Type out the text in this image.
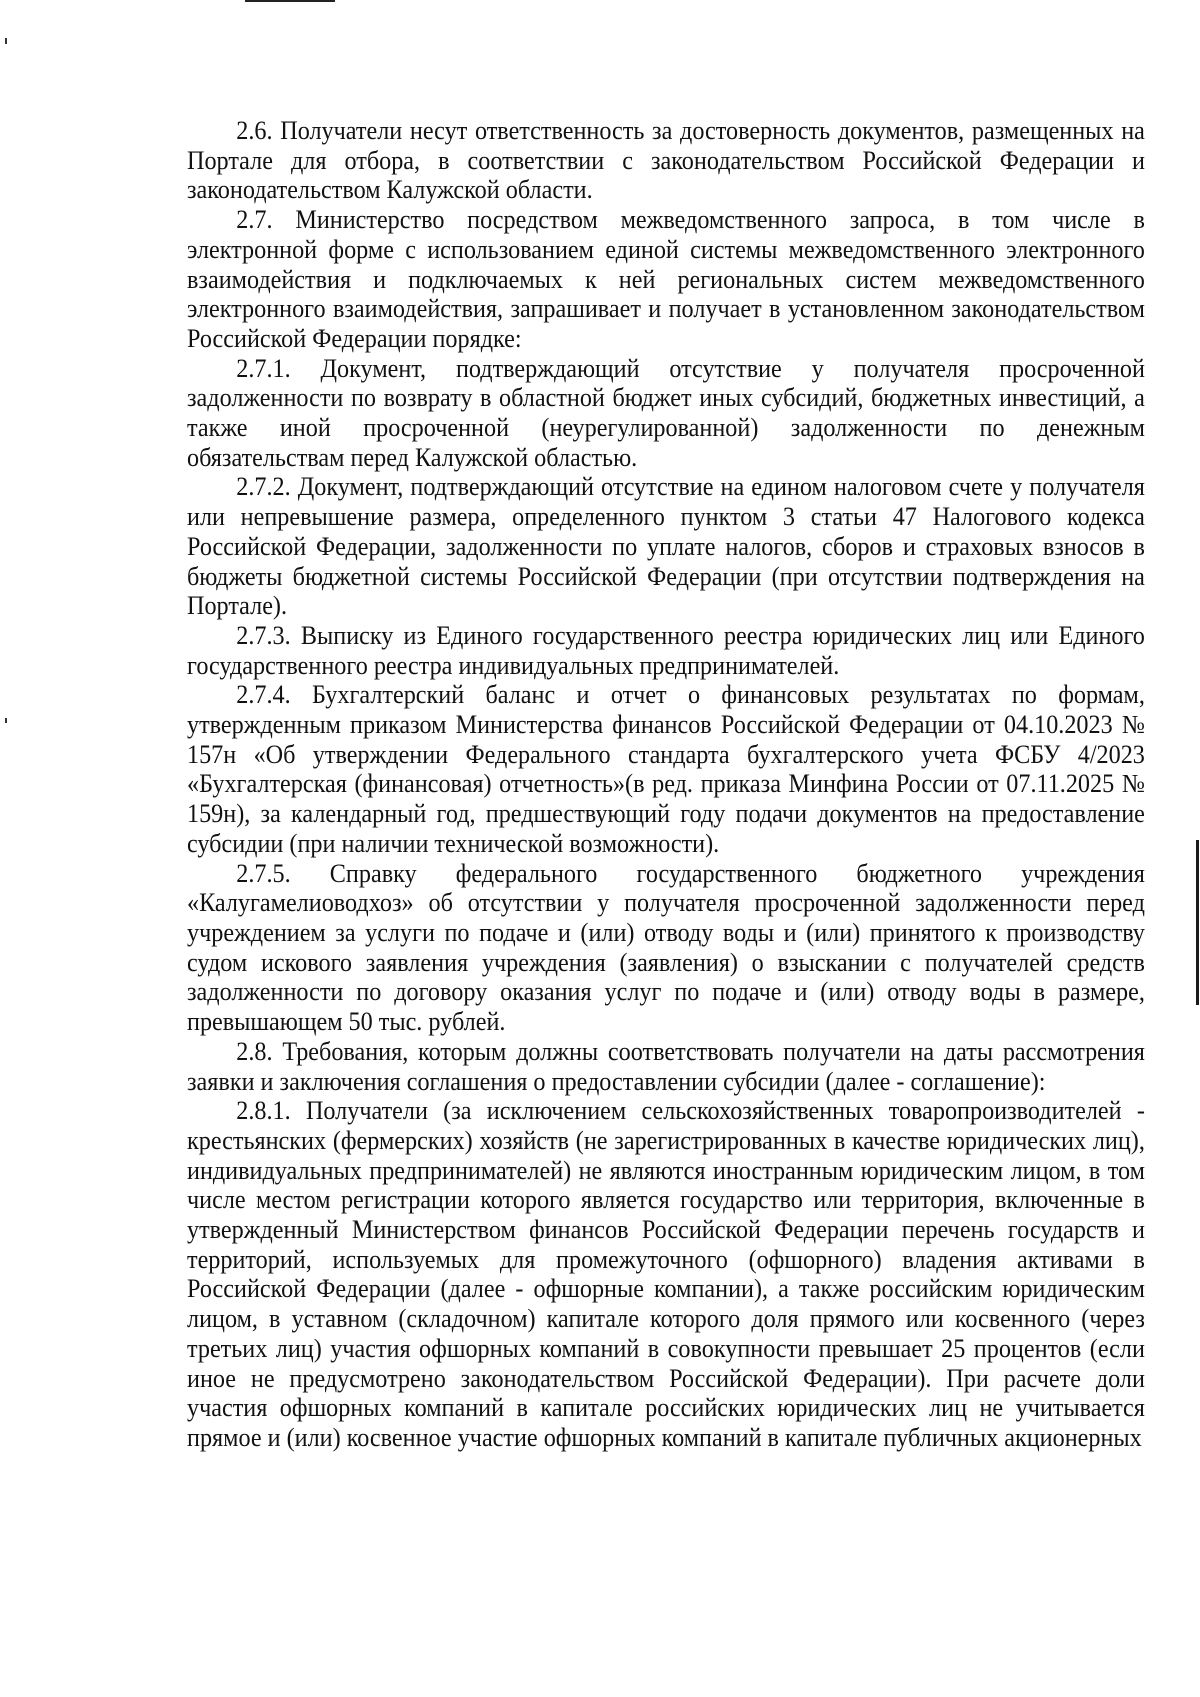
2.6. Получатели несут ответственность за достоверность документов, размещенных на Портале для отбора, в соответствии с законодательством Российской Федерации и законодательством Калужской области.

2.7. Министерство посредством межведомственного запроса, в том числе в электронной форме с использованием единой системы межведомственного электронного взаимодействия и подключаемых к ней региональных систем межведомственного электронного взаимодействия, запрашивает и получает в установленном законодательством Российской Федерации порядке:

2.7.1. Документ, подтверждающий отсутствие у получателя просроченной задолженности по возврату в областной бюджет иных субсидий, бюджетных инвестиций, а также иной просроченной (неурегулированной) задолженности по денежным обязательствам перед Калужской областью.

2.7.2. Документ, подтверждающий отсутствие на едином налоговом счете у получателя или непревышение размера, определенного пунктом 3 статьи 47 Налогового кодекса Российской Федерации, задолженности по уплате налогов, сборов и страховых взносов в бюджеты бюджетной системы Российской Федерации (при отсутствии подтверждения на Портале).

2.7.3. Выписку из Единого государственного реестра юридических лиц или Единого государственного реестра индивидуальных предпринимателей.

2.7.4. Бухгалтерский баланс и отчет о финансовых результатах по формам, утвержденным приказом Министерства финансов Российской Федерации от 04.10.2023 № 157н «Об утверждении Федерального стандарта бухгалтерского учета ФСБУ 4/2023 «Бухгалтерская (финансовая) отчетность»(в ред. приказа Минфина России от 07.11.2025 № 159н), за календарный год, предшествующий году подачи документов на предоставление субсидии (при наличии технической возможности).

2.7.5. Справку федерального государственного бюджетного учреждения «Калугамелиоводхоз» об отсутствии у получателя просроченной задолженности перед учреждением за услуги по подаче и (или) отводу воды и (или) принятого к производству судом искового заявления учреждения (заявления) о взыскании с получателей средств задолженности по договору оказания услуг по подаче и (или) отводу воды в размере, превышающем 50 тыс. рублей.

2.8. Требования, которым должны соответствовать получатели на даты рассмотрения заявки и заключения соглашения о предоставлении субсидии (далее - соглашение):

2.8.1. Получатели (за исключением сельскохозяйственных товаропроизводителей - крестьянских (фермерских) хозяйств (не зарегистрированных в качестве юридических лиц), индивидуальных предпринимателей) не являются иностранным юридическим лицом, в том числе местом регистрации которого является государство или территория, включенные в утвержденный Министерством финансов Российской Федерации перечень государств и территорий, используемых для промежуточного (офшорного) владения активами в Российской Федерации (далее - офшорные компании), а также российским юридическим лицом, в уставном (складочном) капитале которого доля прямого или косвенного (через третьих лиц) участия офшорных компаний в совокупности превышает 25 процентов (если иное не предусмотрено законодательством Российской Федерации). При расчете доли участия офшорных компаний в капитале российских юридических лиц не учитывается прямое и (или) косвенное участие офшорных компаний в капитале публичных акционерных
